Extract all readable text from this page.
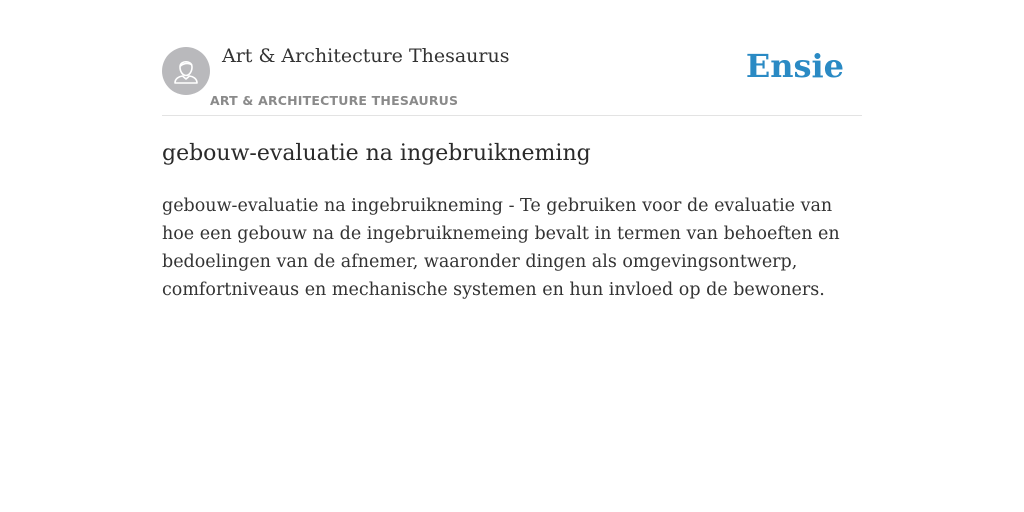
Art & Architecture Thesaurus
ART & ARCHITECTURE THESAURUS
Ensie
gebouw-evaluatie na ingebruikneming

gebouw-evaluatie na ingebruikneming - Te gebruiken voor de evaluatie van hoe een gebouw na de ingebruiknemeing bevalt in termen van behoeften en bedoelingen van de afnemer, waaronder dingen als omgevingsontwerp, comfortniveaus en mechanische systemen en hun invloed op de bewoners.
